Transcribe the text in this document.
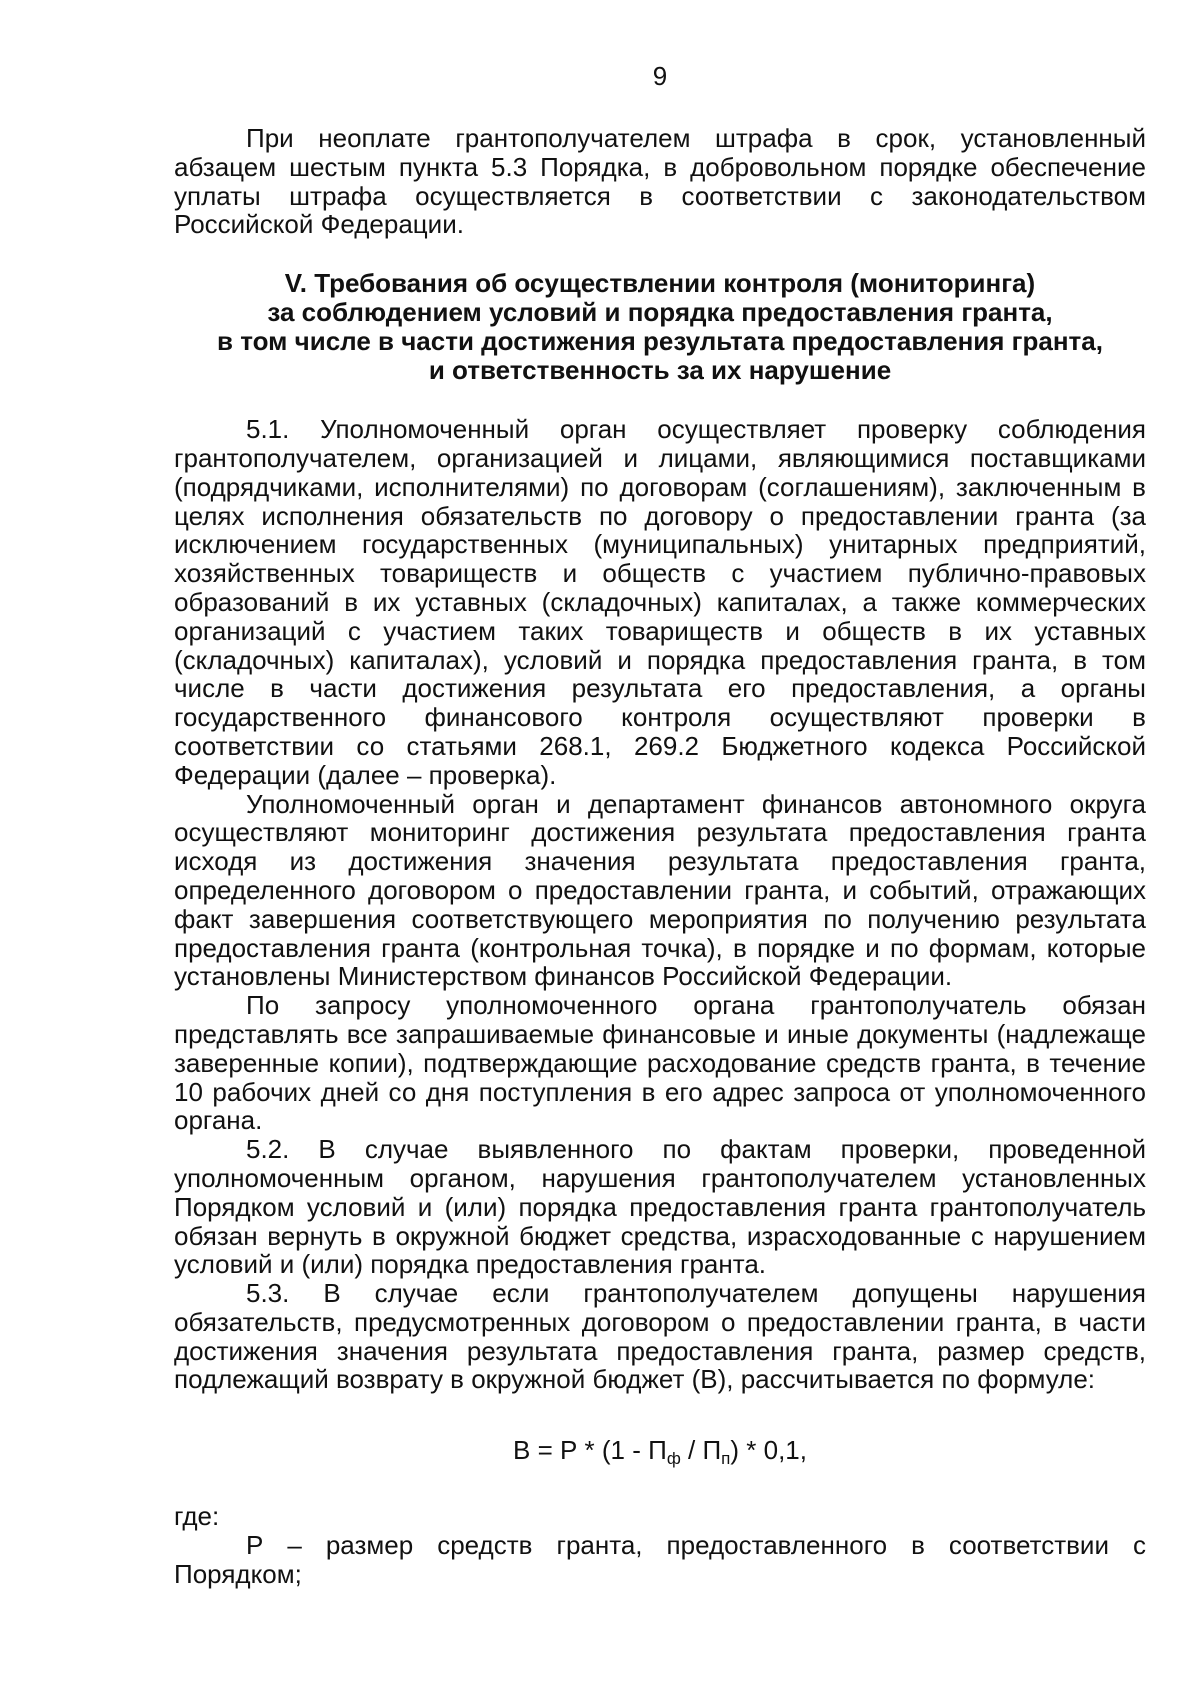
9

При неоплате грантополучателем штрафа в срок, установленный абзацем шестым пункта 5.3 Порядка, в добровольном порядке обеспечение уплаты штрафа осуществляется в соответствии с законодательством Российской Федерации.

V. Требования об осуществлении контроля (мониторинга)
за соблюдением условий и порядка предоставления гранта,
в том числе в части достижения результата предоставления гранта,
и ответственность за их нарушение

5.1. Уполномоченный орган осуществляет проверку соблюдения грантополучателем, организацией и лицами, являющимися поставщиками (подрядчиками, исполнителями) по договорам (соглашениям), заключенным в целях исполнения обязательств по договору о предоставлении гранта (за исключением государственных (муниципальных) унитарных предприятий, хозяйственных товариществ и обществ с участием публично-правовых образований в их уставных (складочных) капиталах, а также коммерческих организаций с участием таких товариществ и обществ в их уставных (складочных) капиталах), условий и порядка предоставления гранта, в том числе в части достижения результата его предоставления, а органы государственного финансового контроля осуществляют проверки в соответствии со статьями 268.1, 269.2 Бюджетного кодекса Российской Федерации (далее – проверка).

Уполномоченный орган и департамент финансов автономного округа осуществляют мониторинг достижения результата предоставления гранта исходя из достижения значения результата предоставления гранта, определенного договором о предоставлении гранта, и событий, отражающих факт завершения соответствующего мероприятия по получению результата предоставления гранта (контрольная точка), в порядке и по формам, которые установлены Министерством финансов Российской Федерации.

По запросу уполномоченного органа грантополучатель обязан представлять все запрашиваемые финансовые и иные документы (надлежаще заверенные копии), подтверждающие расходование средств гранта, в течение 10 рабочих дней со дня поступления в его адрес запроса от уполномоченного органа.

5.2. В случае выявленного по фактам проверки, проведенной уполномоченным органом, нарушения грантополучателем установленных Порядком условий и (или) порядка предоставления гранта грантополучатель обязан вернуть в окружной бюджет средства, израсходованные с нарушением условий и (или) порядка предоставления гранта.

5.3. В случае если грантополучателем допущены нарушения обязательств, предусмотренных договором о предоставлении гранта, в части достижения значения результата предоставления гранта, размер средств, подлежащий возврату в окружной бюджет (В), рассчитывается по формуле:

$В = Р * (1 - П_ф / П_п) * 0,1$,

где:

Р – размер средств гранта, предоставленного в соответствии с Порядком;
